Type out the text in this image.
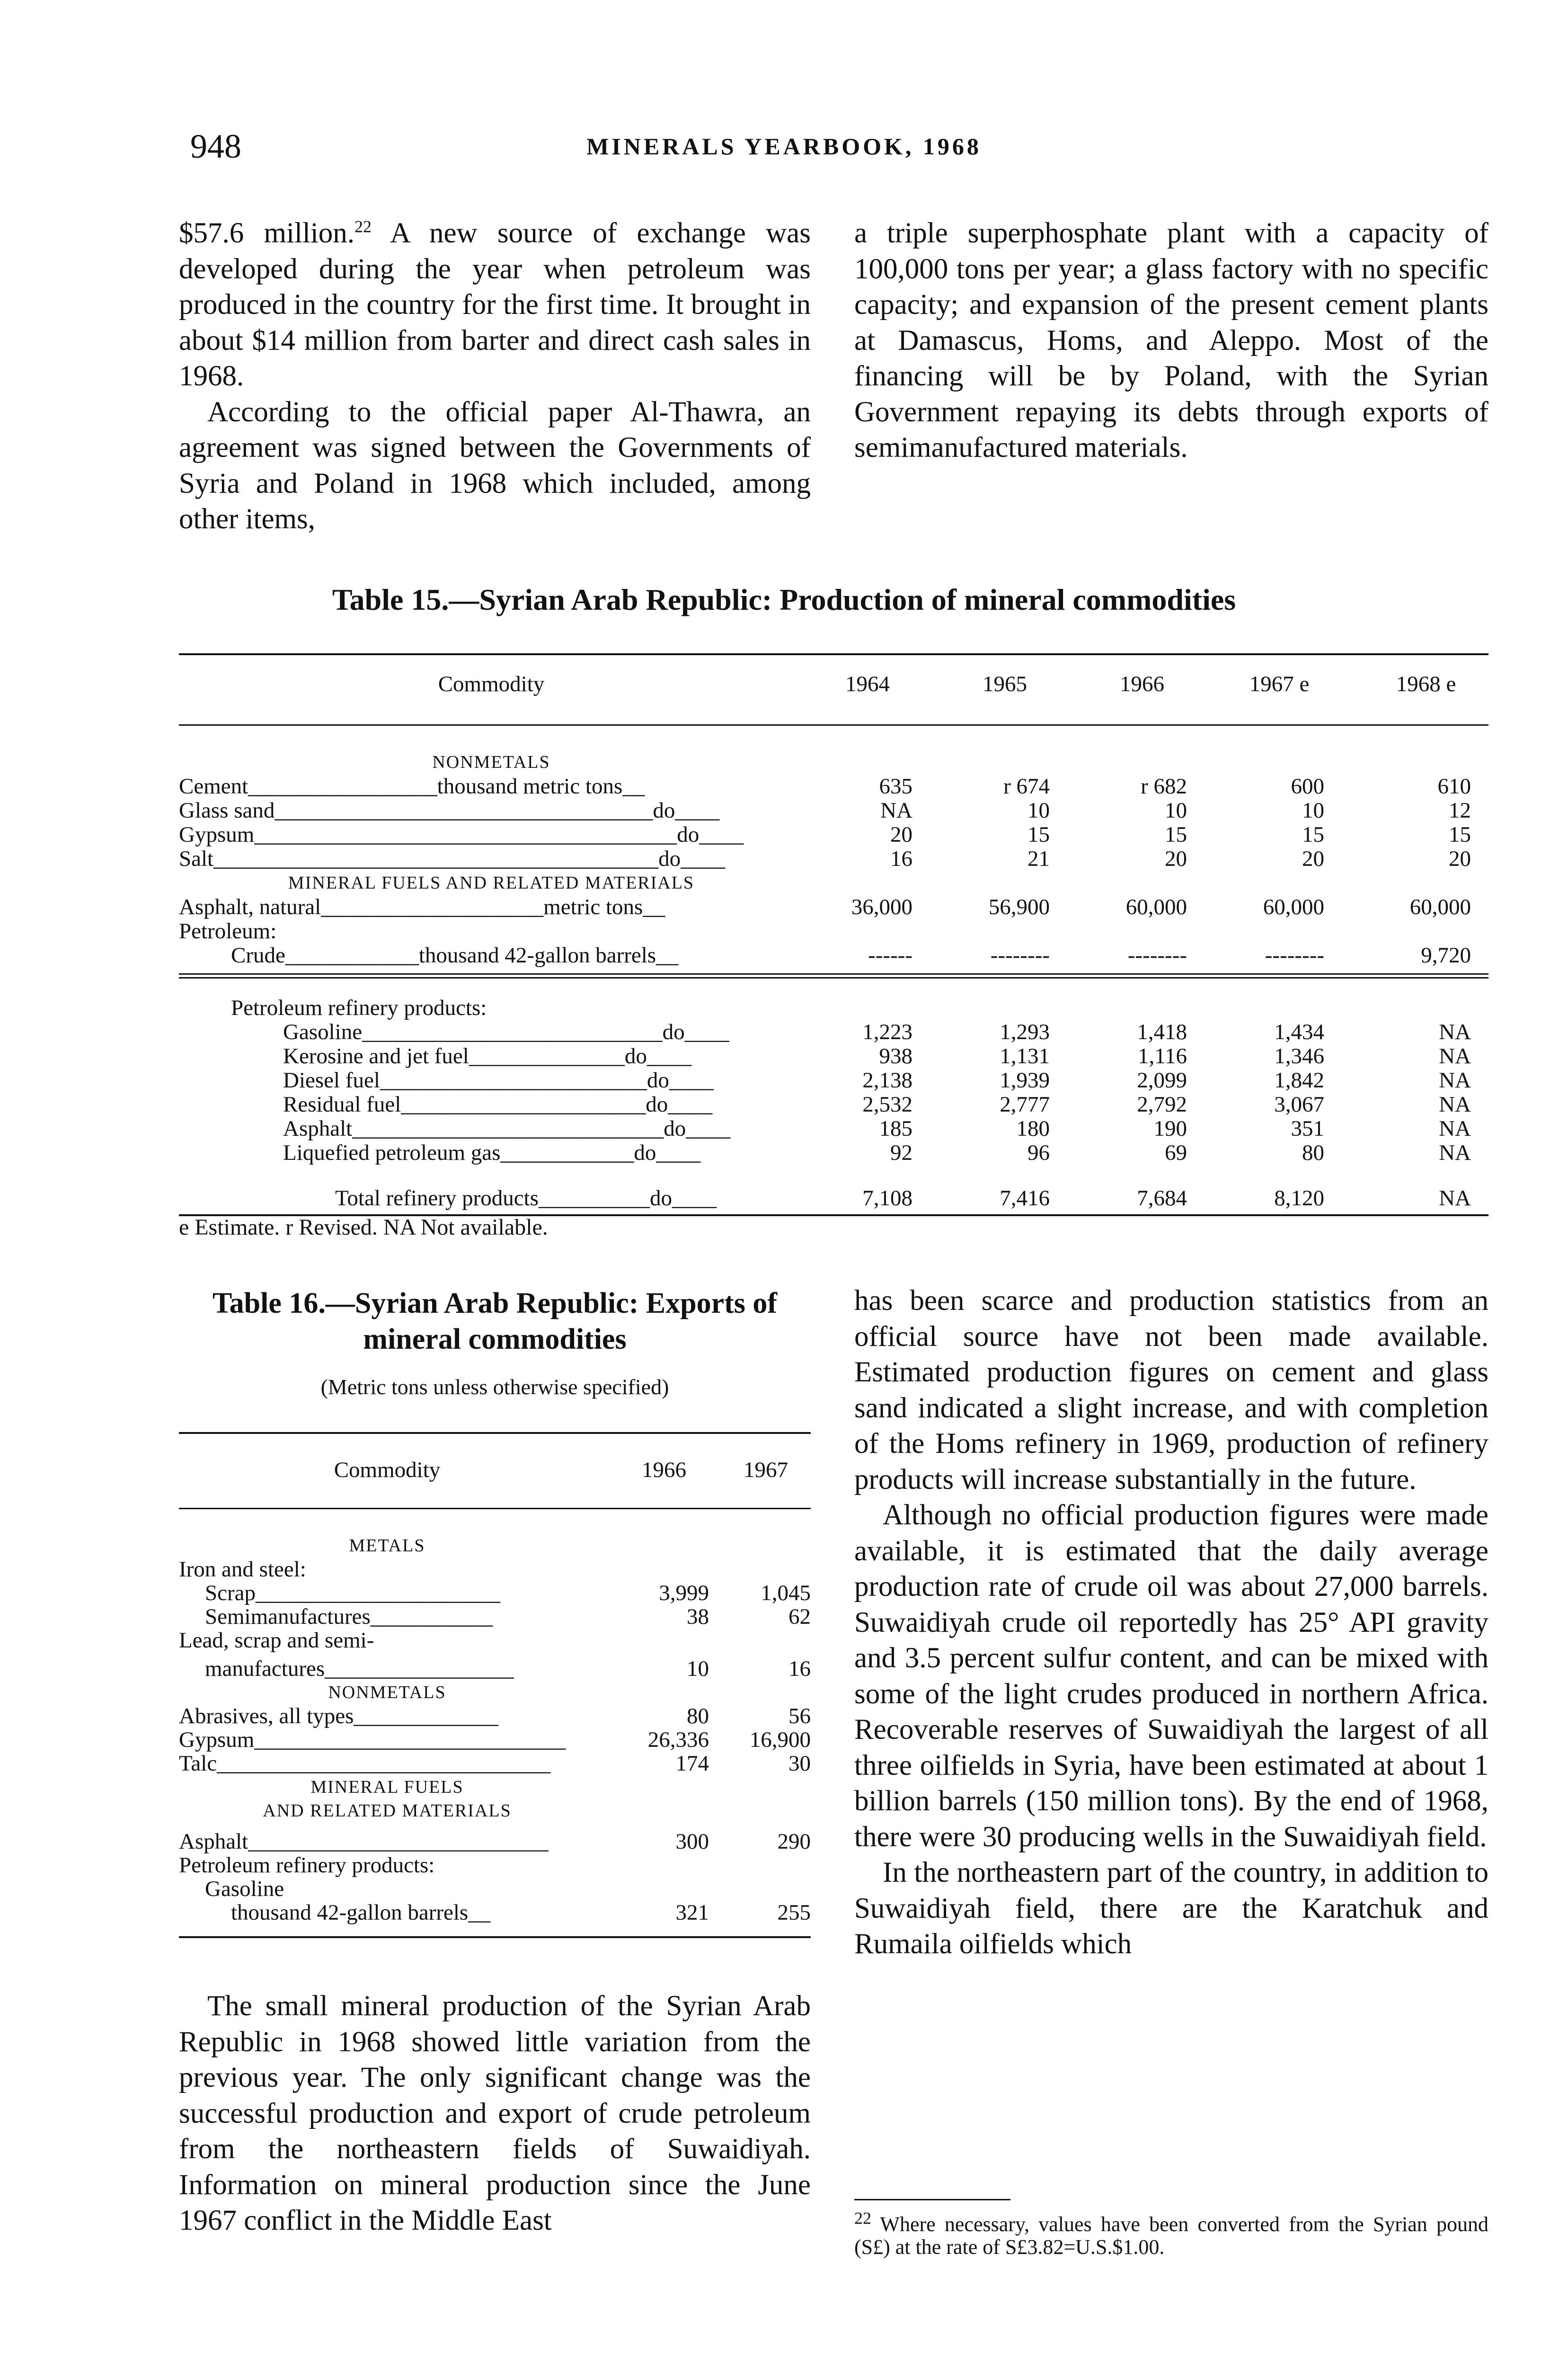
948	MINERALS YEARBOOK, 1968

$57.6 million.$^{22}$ A new source of exchange was developed during the year when petroleum was produced in the country for the first time. It brought in about $14 million from barter and direct cash sales in 1968.

According to the official paper Al-Thawra, an agreement was signed between the Governments of Syria and Poland in 1968 which included, among other items,

a triple superphosphate plant with a capacity of 100,000 tons per year; a glass factory with no specific capacity; and expansion of the present cement plants at Damascus, Homs, and Aleppo. Most of the financing will be by Poland, with the Syrian Government repaying its debts through exports of semimanufactured materials.

Table 15.—Syrian Arab Republic: Production of mineral commodities
Commodity	1964	1965	1966	1967 e	1968 e
NONMETALS
Cement_________________thousand metric tons__	635	r 674	r 682	600	610
Glass sand__________________________________do____	NA	10	10	10	12
Gypsum______________________________________do____	20	15	15	15	15
Salt________________________________________do____	16	21	20	20	20
MINERAL FUELS AND RELATED MATERIALS
Asphalt, natural____________________metric tons__	36,000	56,900	60,000	60,000	60,000
Petroleum:
Crude____________thousand 42-gallon barrels__	------	--------	--------	--------	9,720
Petroleum refinery products:
Gasoline___________________________do____	1,223	1,293	1,418	1,434	NA
Kerosine and jet fuel______________do____	938	1,131	1,116	1,346	NA
Diesel fuel________________________do____	2,138	1,939	2,099	1,842	NA
Residual fuel______________________do____	2,532	2,777	2,792	3,067	NA
Asphalt____________________________do____	185	180	190	351	NA
Liquefied petroleum gas____________do____	92	96	69	80	NA
Total refinery products__________do____	7,108	7,416	7,684	8,120	NA
e Estimate. r Revised. NA Not available.
Table 16.—Syrian Arab Republic: Exports of mineral commodities
(Metric tons unless otherwise specified)
Commodity	1966	1967
METALS
Iron and steel:
Scrap______________________	3,999	1,045
Semimanufactures___________	38	62
Lead, scrap and semi-
manufactures_________________	10	16
NONMETALS
Abrasives, all types_____________	80	56
Gypsum____________________________	26,336	16,900
Talc______________________________	174	30
MINERAL FUELS
AND RELATED MATERIALS
Asphalt___________________________	300	290
Petroleum refinery products:
Gasoline
thousand 42-gallon barrels__	321	255

The small mineral production of the Syrian Arab Republic in 1968 showed little variation from the previous year. The only significant change was the successful production and export of crude petroleum from the northeastern fields of Suwaidiyah. Information on mineral production since the June 1967 conflict in the Middle East

has been scarce and production statistics from an official source have not been made available. Estimated production figures on cement and glass sand indicated a slight increase, and with completion of the Homs refinery in 1969, production of refinery products will increase substantially in the future.

Although no official production figures were made available, it is estimated that the daily average production rate of crude oil was about 27,000 barrels. Suwaidiyah crude oil reportedly has 25° API gravity and 3.5 percent sulfur content, and can be mixed with some of the light crudes produced in northern Africa. Recoverable reserves of Suwaidiyah the largest of all three oilfields in Syria, have been estimated at about 1 billion barrels (150 million tons). By the end of 1968, there were 30 producing wells in the Suwaidiyah field.

In the northeastern part of the country, in addition to Suwaidiyah field, there are the Karatchuk and Rumaila oilfields which

$^{22}$ Where necessary, values have been converted from the Syrian pound (S£) at the rate of S£3.82=U.S.$1.00.
